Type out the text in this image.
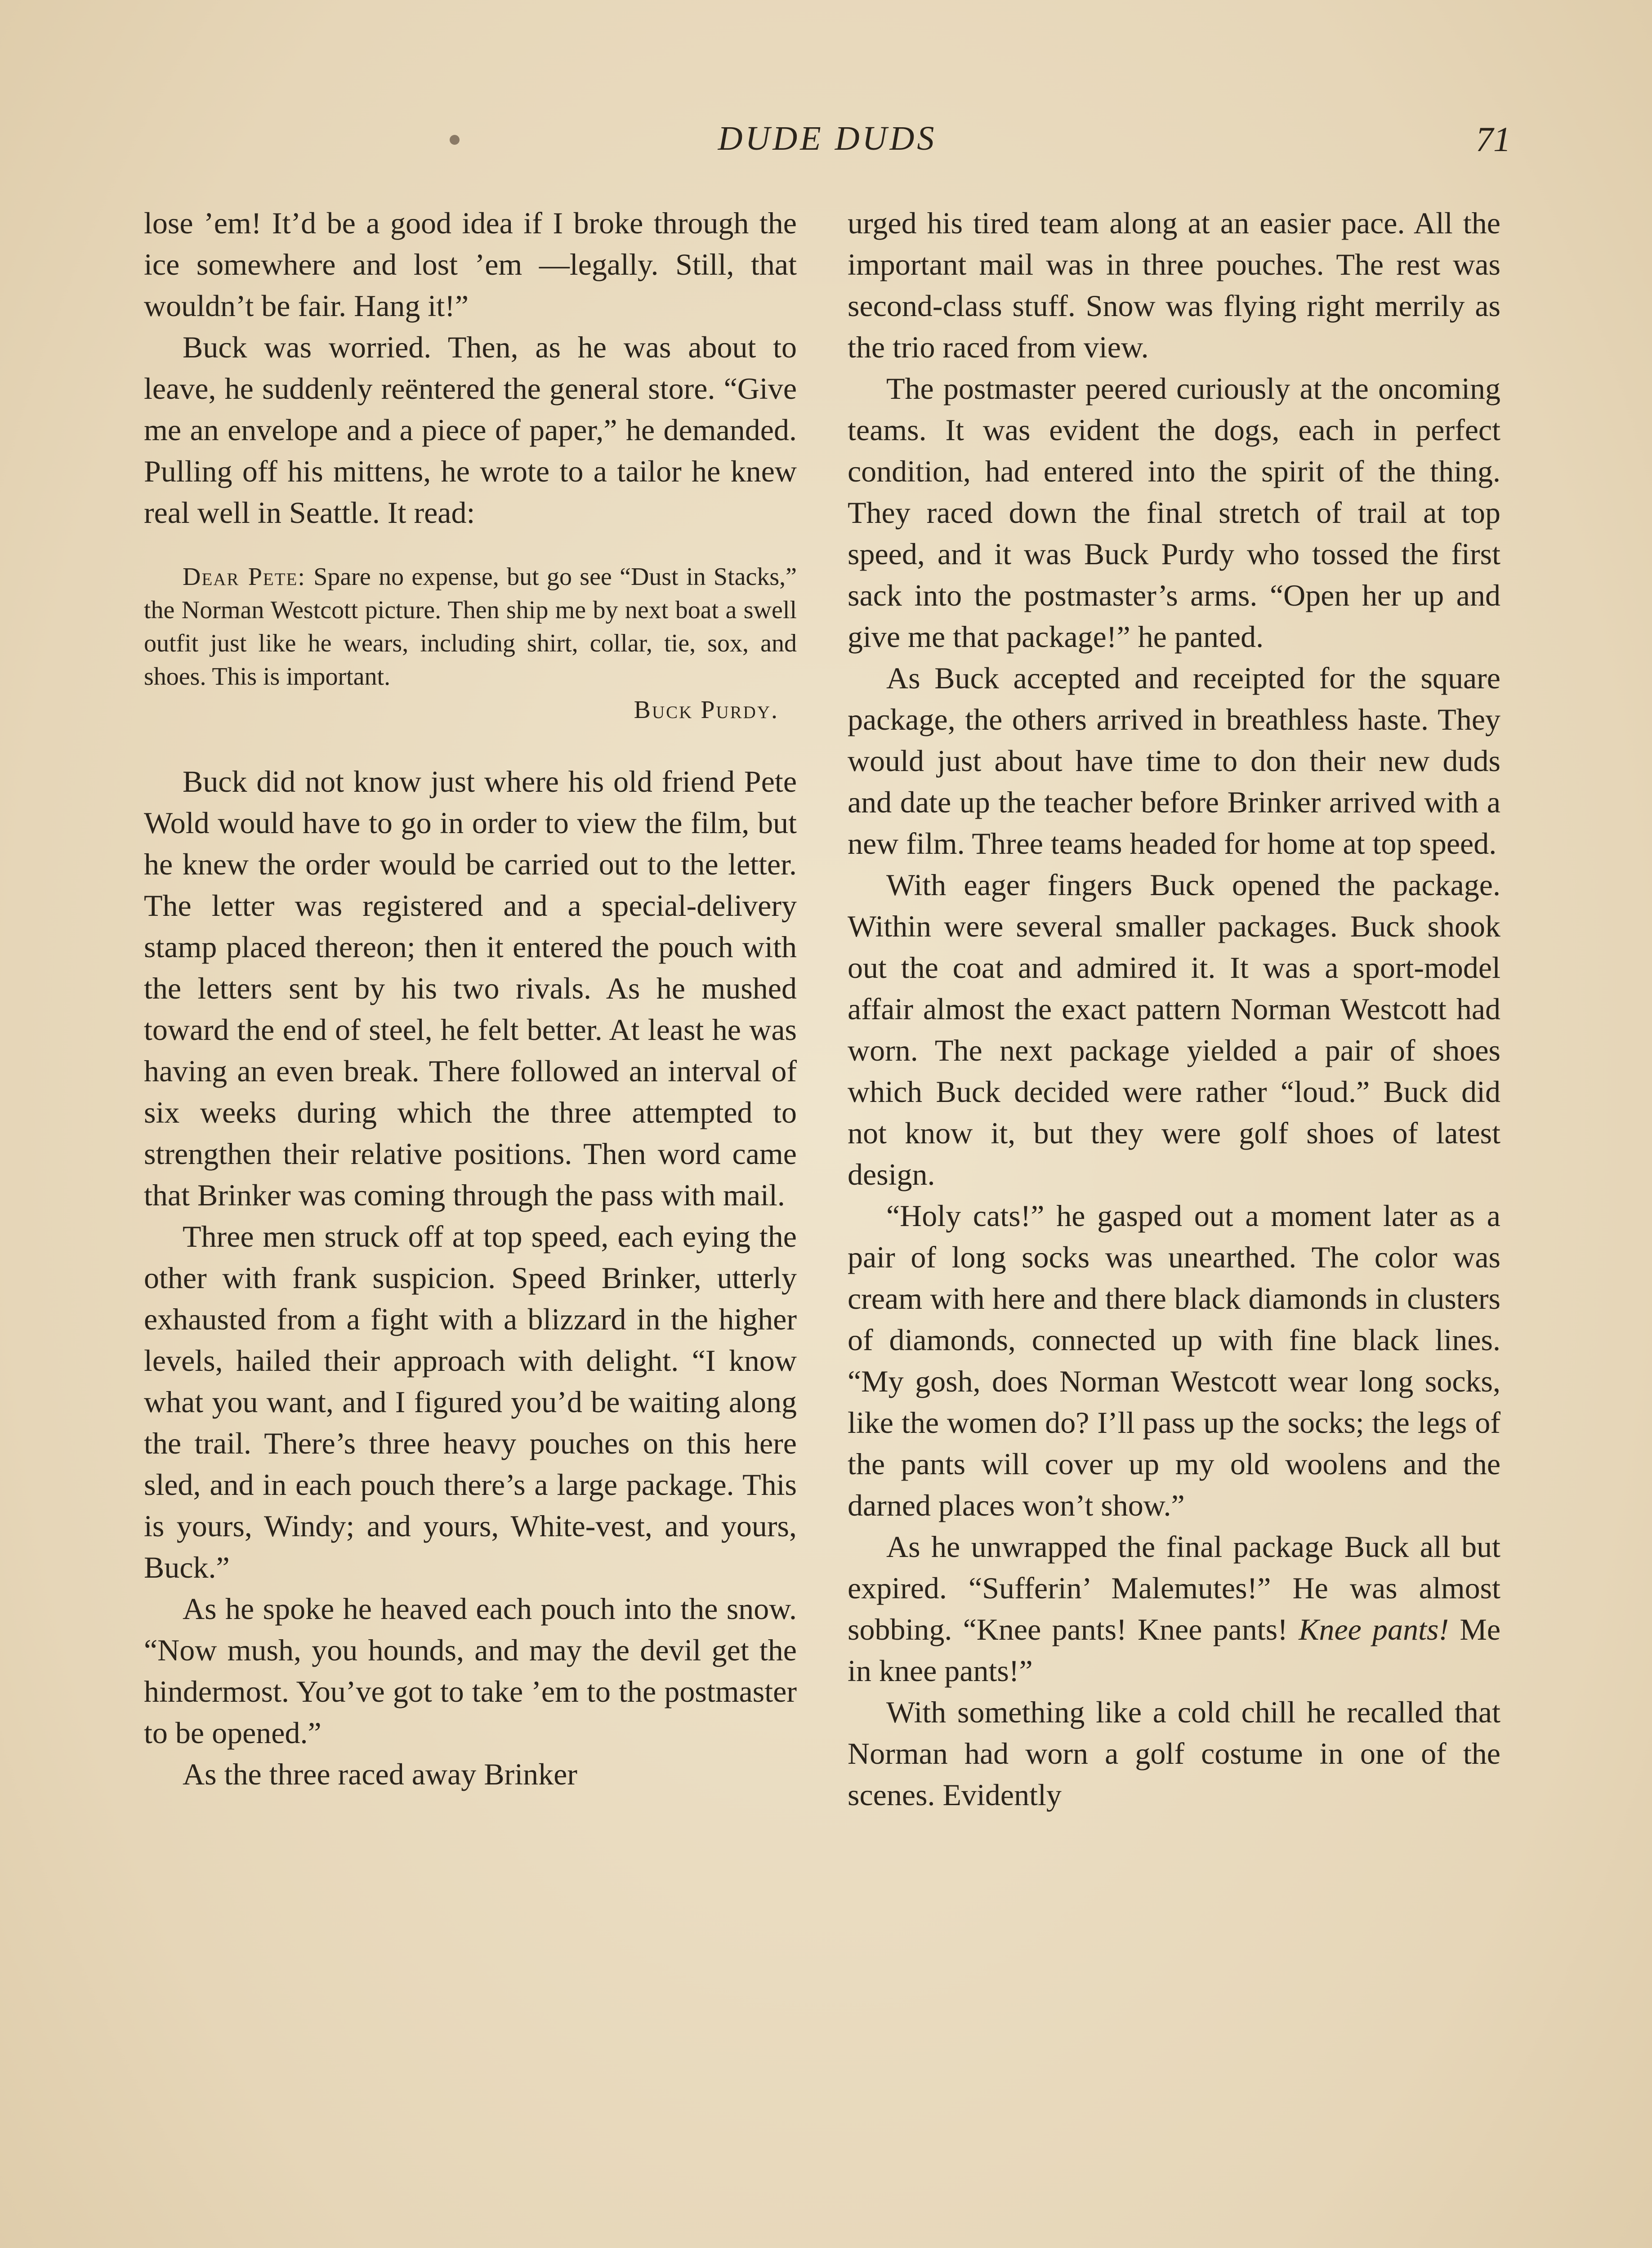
DUDE DUDS	71

lose ’em! It’d be a good idea if I broke through the ice somewhere and lost ’em —legally. Still, that wouldn’t be fair. Hang it!”

Buck was worried. Then, as he was about to leave, he suddenly reëntered the general store. “Give me an envelope and a piece of paper,” he demanded. Pulling off his mittens, he wrote to a tailor he knew real well in Seattle. It read:

Dear Pete: Spare no expense, but go see “Dust in Stacks,” the Norman Westcott picture. Then ship me by next boat a swell outfit just like he wears, including shirt, collar, tie, sox, and shoes. This is important.
Buck Purdy.

Buck did not know just where his old friend Pete Wold would have to go in order to view the film, but he knew the order would be carried out to the letter. The letter was registered and a special-delivery stamp placed thereon; then it entered the pouch with the letters sent by his two rivals. As he mushed toward the end of steel, he felt better. At least he was having an even break. There followed an interval of six weeks during which the three attempted to strengthen their relative positions. Then word came that Brinker was coming through the pass with mail.

Three men struck off at top speed, each eying the other with frank suspicion. Speed Brinker, utterly exhausted from a fight with a blizzard in the higher levels, hailed their approach with delight. “I know what you want, and I figured you’d be waiting along the trail. There’s three heavy pouches on this here sled, and in each pouch there’s a large package. This is yours, Windy; and yours, White-vest, and yours, Buck.”

As he spoke he heaved each pouch into the snow. “Now mush, you hounds, and may the devil get the hindermost. You’ve got to take ’em to the postmaster to be opened.”

As the three raced away Brinker

urged his tired team along at an easier pace. All the important mail was in three pouches. The rest was second-class stuff. Snow was flying right merrily as the trio raced from view.

The postmaster peered curiously at the oncoming teams. It was evident the dogs, each in perfect condition, had entered into the spirit of the thing. They raced down the final stretch of trail at top speed, and it was Buck Purdy who tossed the first sack into the postmaster’s arms. “Open her up and give me that package!” he panted.

As Buck accepted and receipted for the square package, the others arrived in breathless haste. They would just about have time to don their new duds and date up the teacher before Brinker arrived with a new film. Three teams headed for home at top speed.

With eager fingers Buck opened the package. Within were several smaller packages. Buck shook out the coat and admired it. It was a sport-model affair almost the exact pattern Norman Westcott had worn. The next package yielded a pair of shoes which Buck decided were rather “loud.” Buck did not know it, but they were golf shoes of latest design.

“Holy cats!” he gasped out a moment later as a pair of long socks was unearthed. The color was cream with here and there black diamonds in clusters of diamonds, connected up with fine black lines. “My gosh, does Norman Westcott wear long socks, like the women do? I’ll pass up the socks; the legs of the pants will cover up my old woolens and the darned places won’t show.”

As he unwrapped the final package Buck all but expired. “Sufferin’ Malemutes!” He was almost sobbing. “Knee pants! Knee pants! Knee pants! Me in knee pants!”

With something like a cold chill he recalled that Norman had worn a golf costume in one of the scenes. Evidently
